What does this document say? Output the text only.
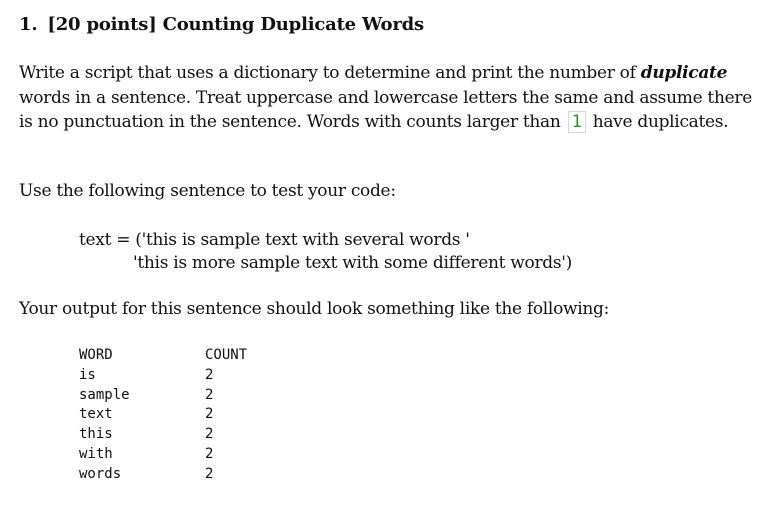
1. [20 points] Counting Duplicate Words
Write a script that uses a dictionary to determine and print the number of duplicate words in a sentence. Treat uppercase and lowercase letters the same and assume there is no punctuation in the sentence. Words with counts larger than 1 have duplicates.
Use the following sentence to test your code:
text = ('this is sample text with several words '
'this is more sample text with some different words')
Your output for this sentence should look something like the following:
WORD	COUNT
is	2
sample	2
text	2
this	2
with	2
words	2
